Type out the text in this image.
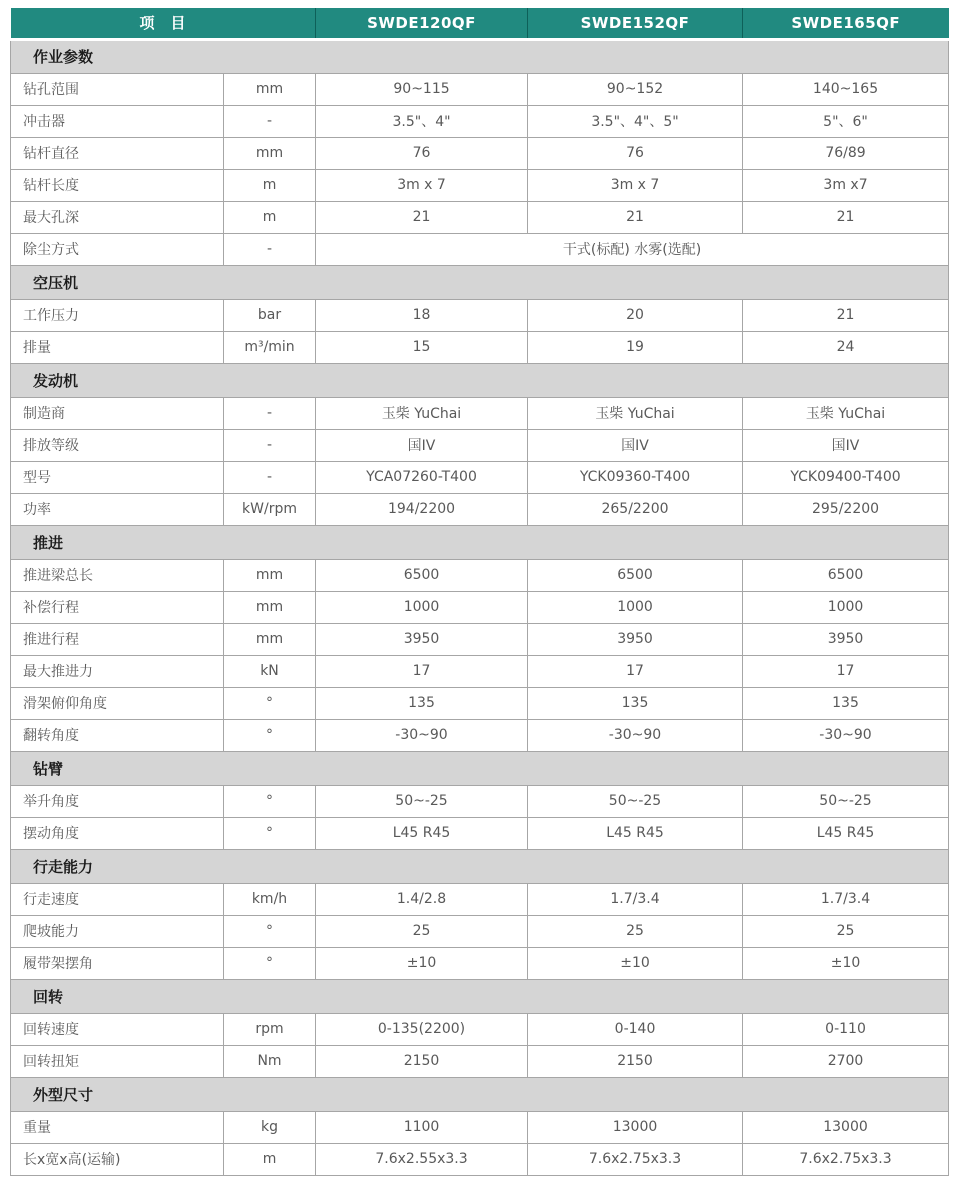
项　目		SWDE120QF	SWDE152QF	SWDE165QF
作业参数				
钻孔范围	mm	90~115	90~152	140~165
冲击器	-	3.5"、4"	3.5"、4"、5"	5"、6"
钻杆直径	mm	76	76	76/89
钻杆长度	m	3m x 7	3m x 7	3m x7
最大孔深	m	21	21	21
除尘方式	-	干式(标配) 水雾(选配)		
空压机				
工作压力	bar	18	20	21
排量	m³/min	15	19	24
发动机				
制造商	-	玉柴 YuChai	玉柴 YuChai	玉柴 YuChai
排放等级	-	国IV	国IV	国IV
型号	-	YCA07260-T400	YCK09360-T400	YCK09400-T400
功率	kW/rpm	194/2200	265/2200	295/2200
推进				
推进梁总长	mm	6500	6500	6500
补偿行程	mm	1000	1000	1000
推进行程	mm	3950	3950	3950
最大推进力	kN	17	17	17
滑架俯仰角度	°	135	135	135
翻转角度	°	-30~90	-30~90	-30~90
钻臂				
举升角度	°	50~-25	50~-25	50~-25
摆动角度	°	L45 R45	L45 R45	L45 R45
行走能力				
行走速度	km/h	1.4/2.8	1.7/3.4	1.7/3.4
爬坡能力	°	25	25	25
履带架摆角	°	±10	±10	±10
回转				
回转速度	rpm	0-135(2200)	0-140	0-110
回转扭矩	Nm	2150	2150	2700
外型尺寸				
重量	kg	1100	13000	13000
长x宽x高(运输)	m	7.6x2.55x3.3	7.6x2.75x3.3	7.6x2.75x3.3
